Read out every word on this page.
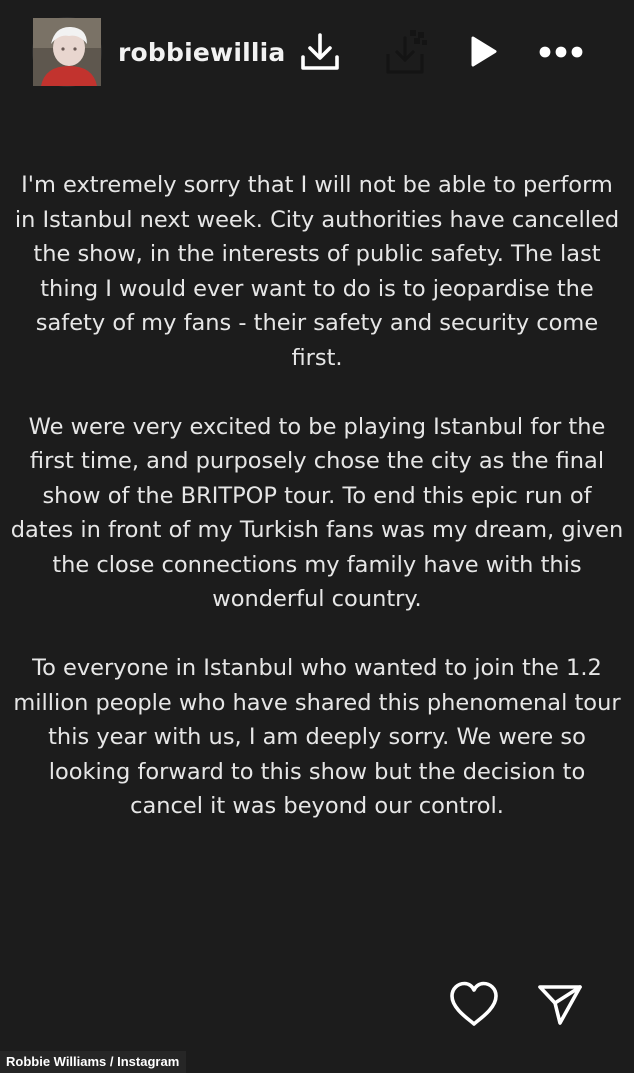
robbiewillia

I'm extremely sorry that I will not be able to perform in Istanbul next week. City authorities have cancelled the show, in the interests of public safety. The last thing I would ever want to do is to jeopardise the safety of my fans - their safety and security come first.

We were very excited to be playing Istanbul for the first time, and purposely chose the city as the final show of the BRITPOP tour. To end this epic run of dates in front of my Turkish fans was my dream, given the close connections my family have with this wonderful country.

To everyone in Istanbul who wanted to join the 1.2 million people who have shared this phenomenal tour this year with us, I am deeply sorry. We were so looking forward to this show but the decision to cancel it was beyond our control.

Robbie Williams / Instagram
